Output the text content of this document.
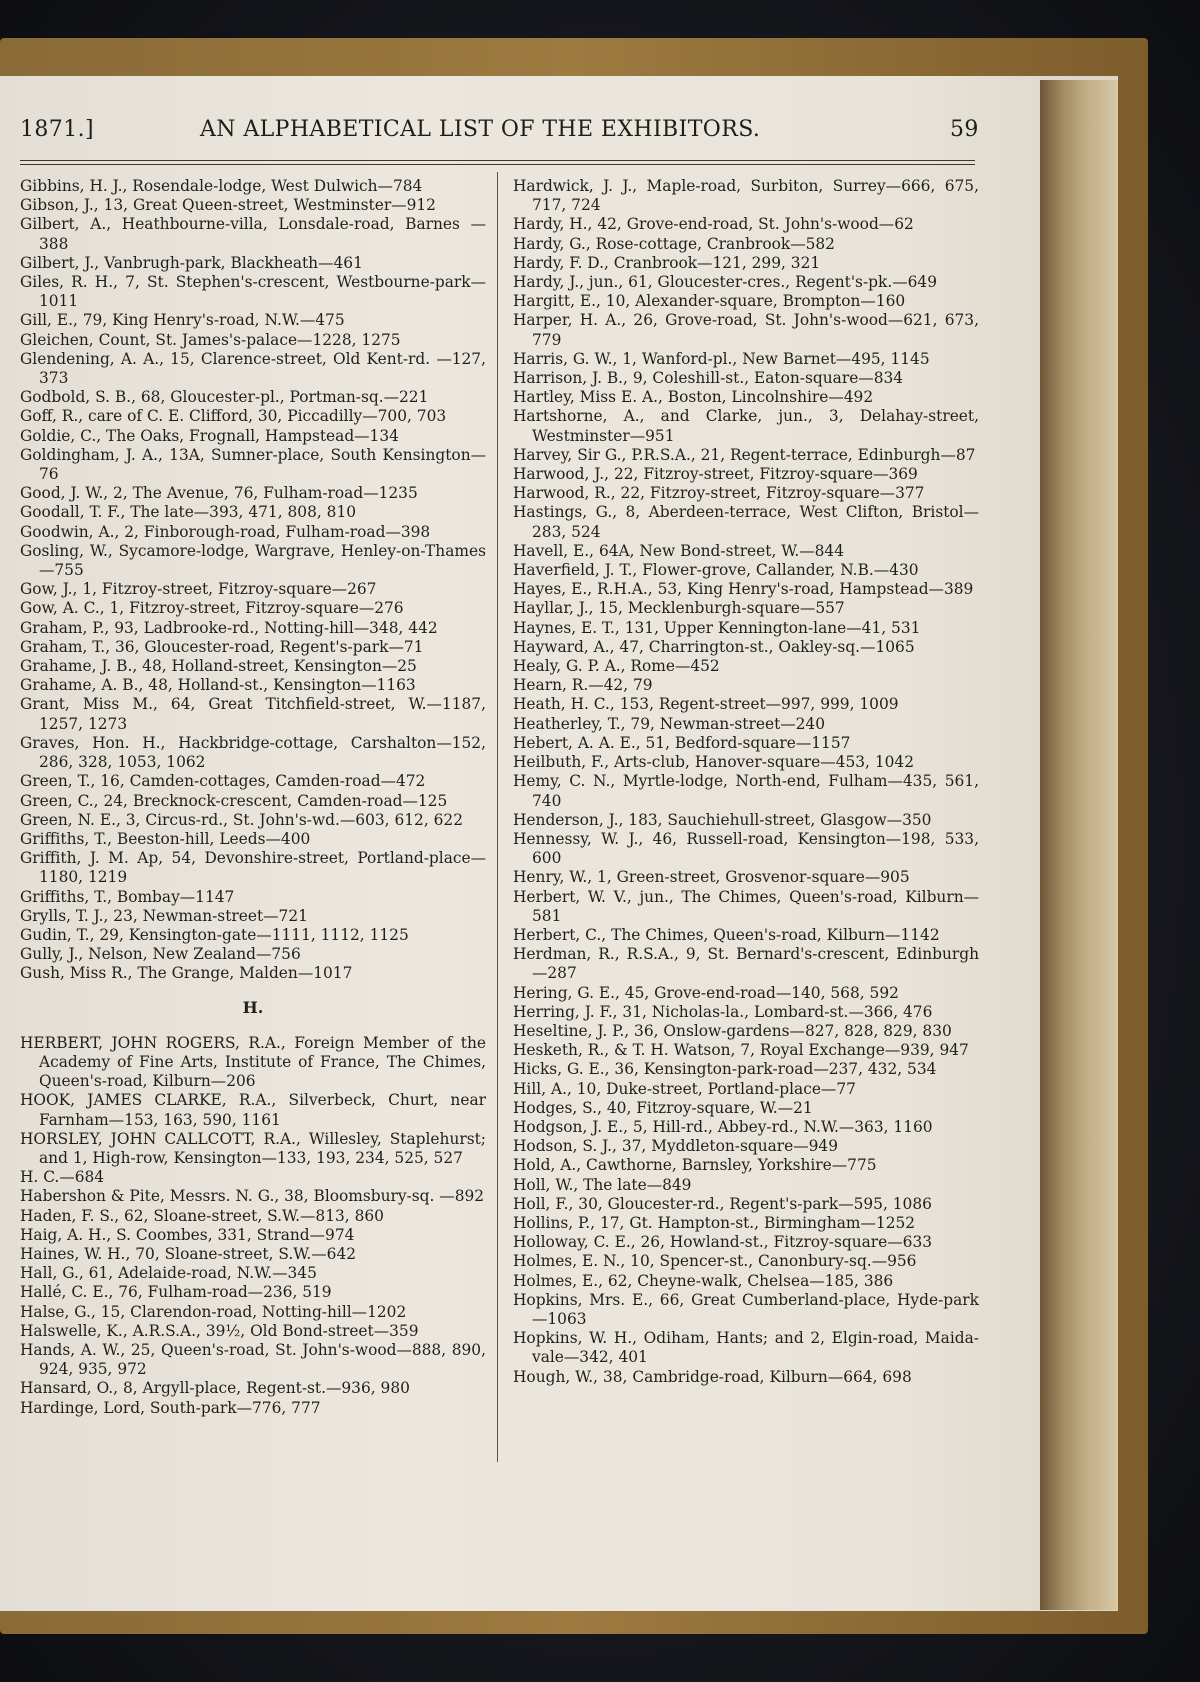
1871.]	AN ALPHABETICAL LIST OF THE EXHIBITORS.	59
Gibbins, H. J., Rosendale-lodge, West Dulwich—784
Gibson, J., 13, Great Queen-street, Westminster—912
Gilbert, A., Heathbourne-villa, Lonsdale-road, Barnes —388
Gilbert, J., Vanbrugh-park, Blackheath—461
Giles, R. H., 7, St. Stephen's-crescent, Westbourne-park—1011
Gill, E., 79, King Henry's-road, N.W.—475
Gleichen, Count, St. James's-palace—1228, 1275
Glendening, A. A., 15, Clarence-street, Old Kent-rd. —127, 373
Godbold, S. B., 68, Gloucester-pl., Portman-sq.—221
Goff, R., care of C. E. Clifford, 30, Piccadilly—700, 703
Goldie, C., The Oaks, Frognall, Hampstead—134
Goldingham, J. A., 13A, Sumner-place, South Kensington—76
Good, J. W., 2, The Avenue, 76, Fulham-road—1235
Goodall, T. F., The late—393, 471, 808, 810
Goodwin, A., 2, Finborough-road, Fulham-road—398
Gosling, W., Sycamore-lodge, Wargrave, Henley-on-Thames—755
Gow, J., 1, Fitzroy-street, Fitzroy-square—267
Gow, A. C., 1, Fitzroy-street, Fitzroy-square—276
Graham, P., 93, Ladbrooke-rd., Notting-hill—348, 442
Graham, T., 36, Gloucester-road, Regent's-park—71
Grahame, J. B., 48, Holland-street, Kensington—25
Grahame, A. B., 48, Holland-st., Kensington—1163
Grant, Miss M., 64, Great Titchfield-street, W.—1187, 1257, 1273
Graves, Hon. H., Hackbridge-cottage, Carshalton—152, 286, 328, 1053, 1062
Green, T., 16, Camden-cottages, Camden-road—472
Green, C., 24, Brecknock-crescent, Camden-road—125
Green, N. E., 3, Circus-rd., St. John's-wd.—603, 612, 622
Griffiths, T., Beeston-hill, Leeds—400
Griffith, J. M. Ap, 54, Devonshire-street, Portland-place—1180, 1219
Griffiths, T., Bombay—1147
Grylls, T. J., 23, Newman-street—721
Gudin, T., 29, Kensington-gate—1111, 1112, 1125
Gully, J., Nelson, New Zealand—756
Gush, Miss R., The Grange, Malden—1017
H.
HERBERT, JOHN ROGERS, R.A., Foreign Member of the Academy of Fine Arts, Institute of France, The Chimes, Queen's-road, Kilburn—206
HOOK, JAMES CLARKE, R.A., Silverbeck, Churt, near Farnham—153, 163, 590, 1161
HORSLEY, JOHN CALLCOTT, R.A., Willesley, Staplehurst; and 1, High-row, Kensington—133, 193, 234, 525, 527
H. C.—684
Habershon & Pite, Messrs. N. G., 38, Bloomsbury-sq. —892
Haden, F. S., 62, Sloane-street, S.W.—813, 860
Haig, A. H., S. Coombes, 331, Strand—974
Haines, W. H., 70, Sloane-street, S.W.—642
Hall, G., 61, Adelaide-road, N.W.—345
Hallé, C. E., 76, Fulham-road—236, 519
Halse, G., 15, Clarendon-road, Notting-hill—1202
Halswelle, K., A.R.S.A., 39½, Old Bond-street—359
Hands, A. W., 25, Queen's-road, St. John's-wood—888, 890, 924, 935, 972
Hansard, O., 8, Argyll-place, Regent-st.—936, 980
Hardinge, Lord, South-park—776, 777
Hardwick, J. J., Maple-road, Surbiton, Surrey—666, 675, 717, 724
Hardy, H., 42, Grove-end-road, St. John's-wood—62
Hardy, G., Rose-cottage, Cranbrook—582
Hardy, F. D., Cranbrook—121, 299, 321
Hardy, J., jun., 61, Gloucester-cres., Regent's-pk.—649
Hargitt, E., 10, Alexander-square, Brompton—160
Harper, H. A., 26, Grove-road, St. John's-wood—621, 673, 779
Harris, G. W., 1, Wanford-pl., New Barnet—495, 1145
Harrison, J. B., 9, Coleshill-st., Eaton-square—834
Hartley, Miss E. A., Boston, Lincolnshire—492
Hartshorne, A., and Clarke, jun., 3, Delahay-street, Westminster—951
Harvey, Sir G., P.R.S.A., 21, Regent-terrace, Edinburgh—87
Harwood, J., 22, Fitzroy-street, Fitzroy-square—369
Harwood, R., 22, Fitzroy-street, Fitzroy-square—377
Hastings, G., 8, Aberdeen-terrace, West Clifton, Bristol—283, 524
Havell, E., 64A, New Bond-street, W.—844
Haverfield, J. T., Flower-grove, Callander, N.B.—430
Hayes, E., R.H.A., 53, King Henry's-road, Hampstead—389
Hayllar, J., 15, Mecklenburgh-square—557
Haynes, E. T., 131, Upper Kennington-lane—41, 531
Hayward, A., 47, Charrington-st., Oakley-sq.—1065
Healy, G. P. A., Rome—452
Hearn, R.—42, 79
Heath, H. C., 153, Regent-street—997, 999, 1009
Heatherley, T., 79, Newman-street—240
Hebert, A. A. E., 51, Bedford-square—1157
Heilbuth, F., Arts-club, Hanover-square—453, 1042
Hemy, C. N., Myrtle-lodge, North-end, Fulham—435, 561, 740
Henderson, J., 183, Sauchiehull-street, Glasgow—350
Hennessy, W. J., 46, Russell-road, Kensington—198, 533, 600
Henry, W., 1, Green-street, Grosvenor-square—905
Herbert, W. V., jun., The Chimes, Queen's-road, Kilburn—581
Herbert, C., The Chimes, Queen's-road, Kilburn—1142
Herdman, R., R.S.A., 9, St. Bernard's-crescent, Edinburgh—287
Hering, G. E., 45, Grove-end-road—140, 568, 592
Herring, J. F., 31, Nicholas-la., Lombard-st.—366, 476
Heseltine, J. P., 36, Onslow-gardens—827, 828, 829, 830
Hesketh, R., & T. H. Watson, 7, Royal Exchange—939, 947
Hicks, G. E., 36, Kensington-park-road—237, 432, 534
Hill, A., 10, Duke-street, Portland-place—77
Hodges, S., 40, Fitzroy-square, W.—21
Hodgson, J. E., 5, Hill-rd., Abbey-rd., N.W.—363, 1160
Hodson, S. J., 37, Myddleton-square—949
Hold, A., Cawthorne, Barnsley, Yorkshire—775
Holl, W., The late—849
Holl, F., 30, Gloucester-rd., Regent's-park—595, 1086
Hollins, P., 17, Gt. Hampton-st., Birmingham—1252
Holloway, C. E., 26, Howland-st., Fitzroy-square—633
Holmes, E. N., 10, Spencer-st., Canonbury-sq.—956
Holmes, E., 62, Cheyne-walk, Chelsea—185, 386
Hopkins, Mrs. E., 66, Great Cumberland-place, Hyde-park—1063
Hopkins, W. H., Odiham, Hants; and 2, Elgin-road, Maida-vale—342, 401
Hough, W., 38, Cambridge-road, Kilburn—664, 698
